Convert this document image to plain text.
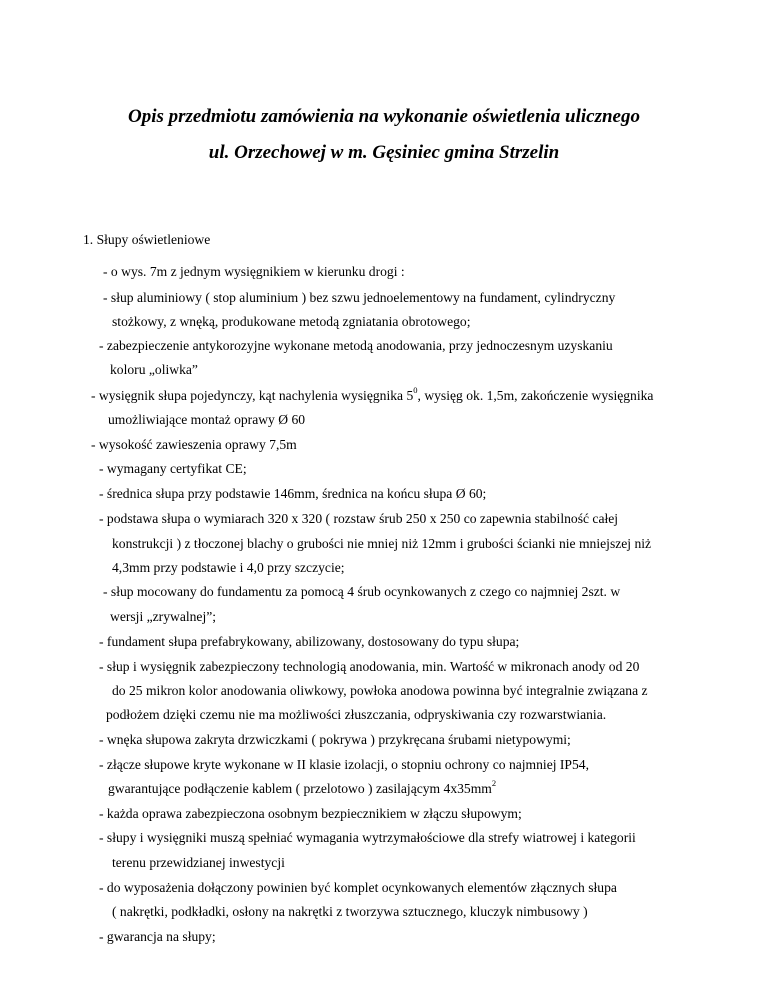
Opis przedmiotu zamówienia na wykonanie oświetlenia ulicznego
ul. Orzechowej w m. Gęsiniec gmina Strzelin
1. Słupy oświetleniowe
- o wys. 7m z jednym wysięgnikiem w kierunku drogi :
- słup aluminiowy ( stop aluminium ) bez szwu jednoelementowy na fundament, cylindryczny
stożkowy, z wnęką, produkowane metodą zgniatania obrotowego;
- zabezpieczenie antykorozyjne wykonane metodą anodowania, przy jednoczesnym uzyskaniu
koloru „oliwka”
- wysięgnik słupa pojedynczy, kąt nachylenia wysięgnika $5^0$, wysięg ok. 1,5m, zakończenie wysięgnika
umożliwiające montaż oprawy Ø 60
- wysokość zawieszenia oprawy 7,5m
- wymagany certyfikat CE;
- średnica słupa przy podstawie 146mm, średnica na końcu słupa Ø 60;
- podstawa słupa o wymiarach 320 x 320 ( rozstaw śrub 250 x 250 co zapewnia stabilność całej
konstrukcji ) z tłoczonej blachy o grubości nie mniej niż 12mm i grubości ścianki nie mniejszej niż
4,3mm przy podstawie i 4,0 przy szczycie;
- słup mocowany do fundamentu za pomocą 4 śrub ocynkowanych z czego co najmniej 2szt. w
wersji „zrywalnej”;
- fundament słupa prefabrykowany, abilizowany, dostosowany do typu słupa;
- słup i wysięgnik zabezpieczony technologią anodowania, min. Wartość w mikronach anody od 20
do 25 mikron kolor anodowania oliwkowy, powłoka anodowa powinna być integralnie związana z
podłożem dzięki czemu nie ma możliwości złuszczania, odpryskiwania czy rozwarstwiania.
- wnęka słupowa zakryta drzwiczkami ( pokrywa ) przykręcana śrubami nietypowymi;
- złącze słupowe kryte wykonane w II klasie izolacji, o stopniu ochrony co najmniej IP54,
gwarantujące podłączenie kablem ( przelotowo ) zasilającym $4x35mm^2$
- każda oprawa zabezpieczona osobnym bezpiecznikiem w złączu słupowym;
- słupy i wysięgniki muszą spełniać wymagania wytrzymałościowe dla strefy wiatrowej i kategorii
terenu przewidzianej inwestycji
- do wyposażenia dołączony powinien być komplet ocynkowanych elementów złącznych słupa
( nakrętki, podkładki, osłony na nakrętki z tworzywa sztucznego, kluczyk nimbusowy )
- gwarancja na słupy;
